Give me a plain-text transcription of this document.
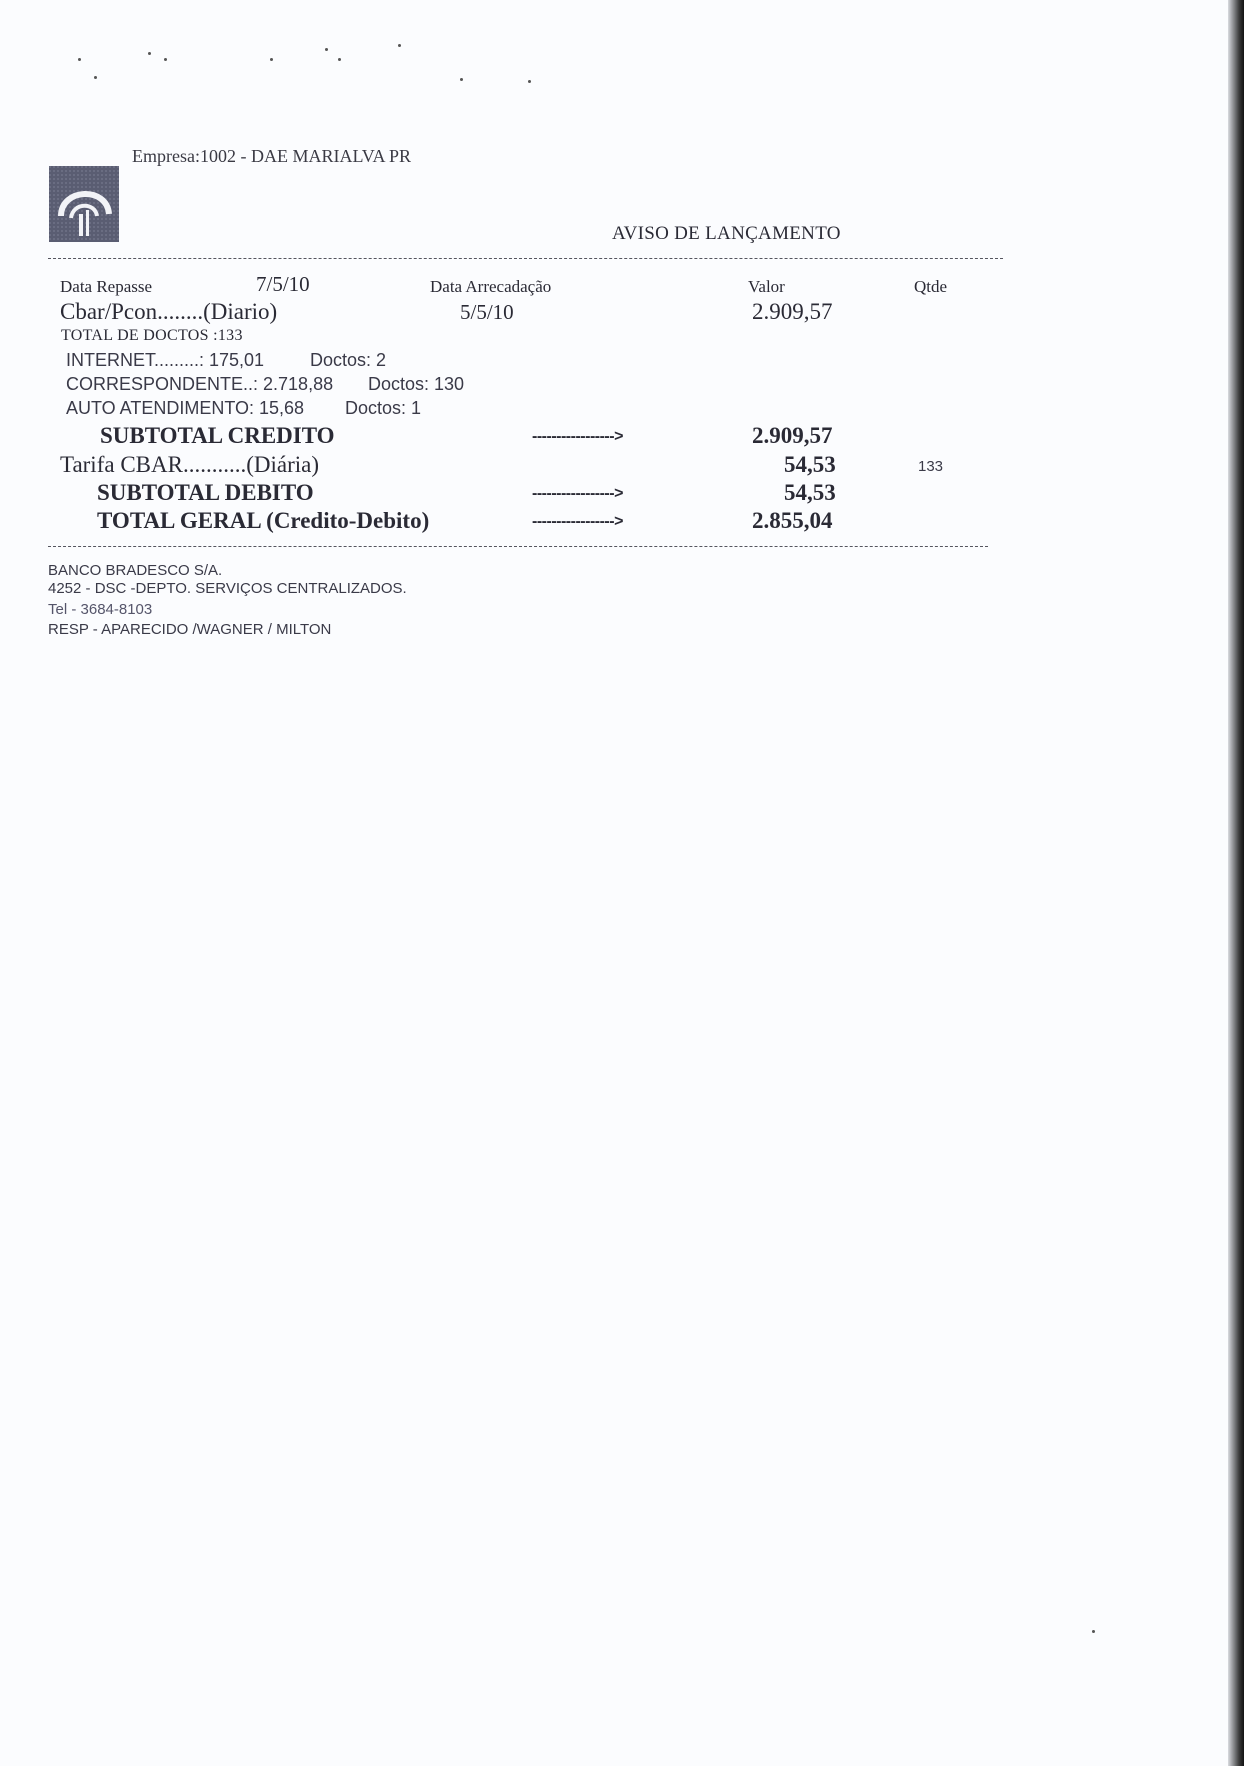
Empresa:1002 - DAE MARIALVA PR
AVISO DE LANÇAMENTO
Data Repasse	7/5/10	Data Arrecadação	Valor	Qtde
Cbar/Pcon........(Diario)	5/5/10	2.909,57
TOTAL DE DOCTOS :133
INTERNET.........: 175,01	Doctos: 2
CORRESPONDENTE..: 2.718,88 Doctos: 130
AUTO ATENDIMENTO: 15,68 Doctos: 1
SUBTOTAL CREDITO	----------------->	2.909,57
Tarifa CBAR...........(Diária)	54,53	133
SUBTOTAL DEBITO	----------------->	54,53
TOTAL GERAL (Credito-Debito)	----------------->	2.855,04
BANCO BRADESCO S/A.
4252 - DSC -DEPTO. SERVIÇOS CENTRALIZADOS.
Tel - 3684-8103
RESP - APARECIDO /WAGNER / MILTON
